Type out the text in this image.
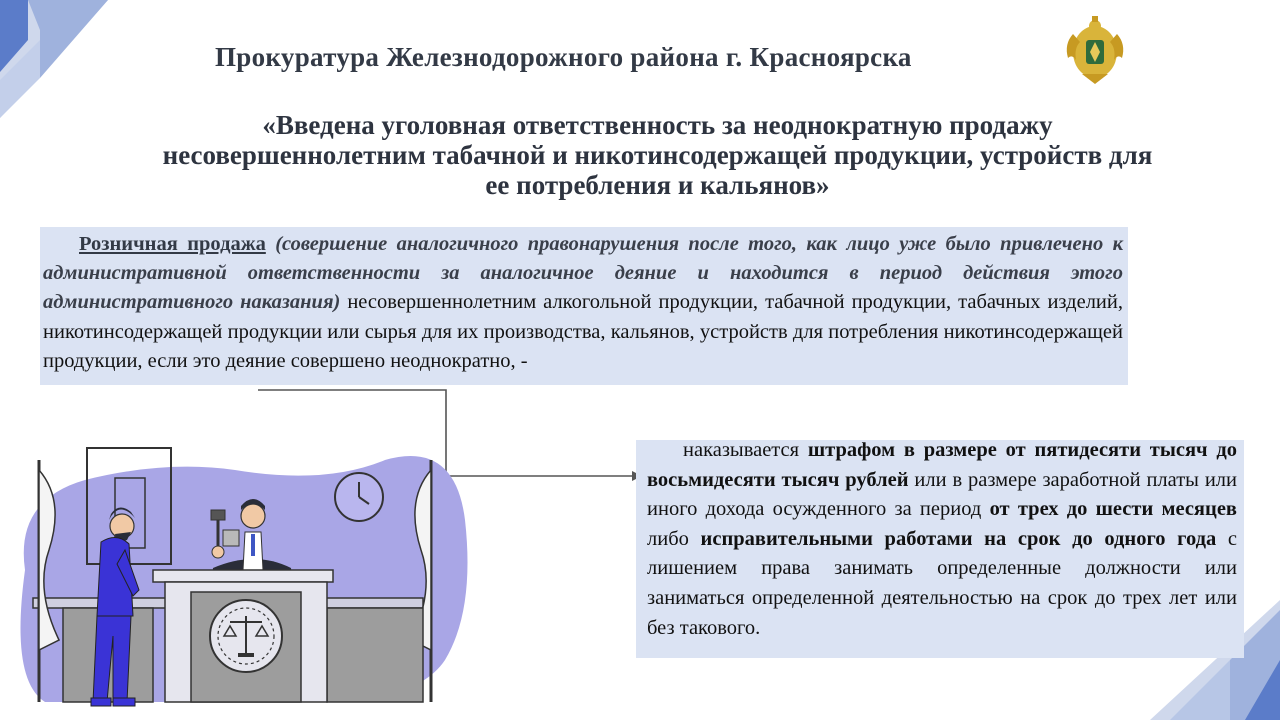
Прокуратура Железнодорожного района г. Красноярска
«Введена уголовная ответственность за неоднократную продажу
несовершеннолетним табачной и никотинсодержащей продукции, устройств для
ее потребления и кальянов»
Розничная продажа (совершение аналогичного правонарушения после того, как лицо уже было привлечено к административной ответственности за аналогичное деяние и находится в период действия этого административного наказания) несовершеннолетним алкогольной продукции, табачной продукции, табачных изделий, никотинсодержащей продукции или сырья для их производства, кальянов, устройств для потребления никотинсодержащей продукции, если это деяние совершено неоднократно, -
наказывается штрафом в размере от пятидесяти тысяч до восьмидесяти тысяч рублей или в размере заработной платы или иного дохода осужденного за период от трех до шести месяцев либо исправительными работами на срок до одного года с лишением права занимать определенные должности или заниматься определенной деятельностью на срок до трех лет или без такового.
